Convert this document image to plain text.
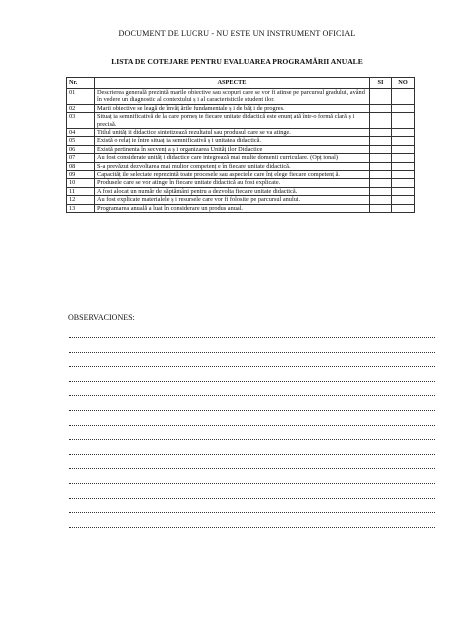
DOCUMENT DE LUCRU - NU ESTE UN INSTRUMENT OFICIAL
LISTA DE COTEJARE PENTRU EVALUAREA PROGRAMĂRII ANUALE
Nr.	ASPECTE	SI	NO
01	Descrierea generală prezintă marile obiective sau scopuri care se vor fi atinse pe parcursul gradului, având în vedere un diagnostic al contextului ș i al caracteristicile student ilor.		
02	Marii obiective se leagă de învăț ările fundamentale ș i de băț i de progres.		
03	Situaț ia semnificativă de la care porneș te fiecare unitate didactică este enunț ată într-o formă clară ș i precisă.		
04	Titlul unităț ii didactice sintetizează rezultatul sau produsul care se va atinge.		
05	Există o relaț ie între situaț ia semnificativă ș i unitatea didactică.		
06	Există pertinenta în secvenț a ș i organizarea Unităț ilor Didactice		
07	Au fost considerate unităț i didactice care integrează mai multe domenii curriculare. (Opț ional)		
08	S-a prevăzut dezvoltarea mai multor competenț e în fiecare unitate didactică.		
09	Capacităț ile selectate reprezintă toate procesele sau aspectele care înț elege fiecare competenț ă.		
10	Produsele care se vor atinge în fiecare unitate didactică au fost explicate.		
11	A fost alocat un număr de săptămâni pentru a dezvolta fiecare unitate didactică.		
12	Au fost explicate materialele ș i resursele care vor fi folosite pe parcursul anului.		
13	Programarea anuală a luat în considerare un produs anual.		
OBSERVACIONES:
